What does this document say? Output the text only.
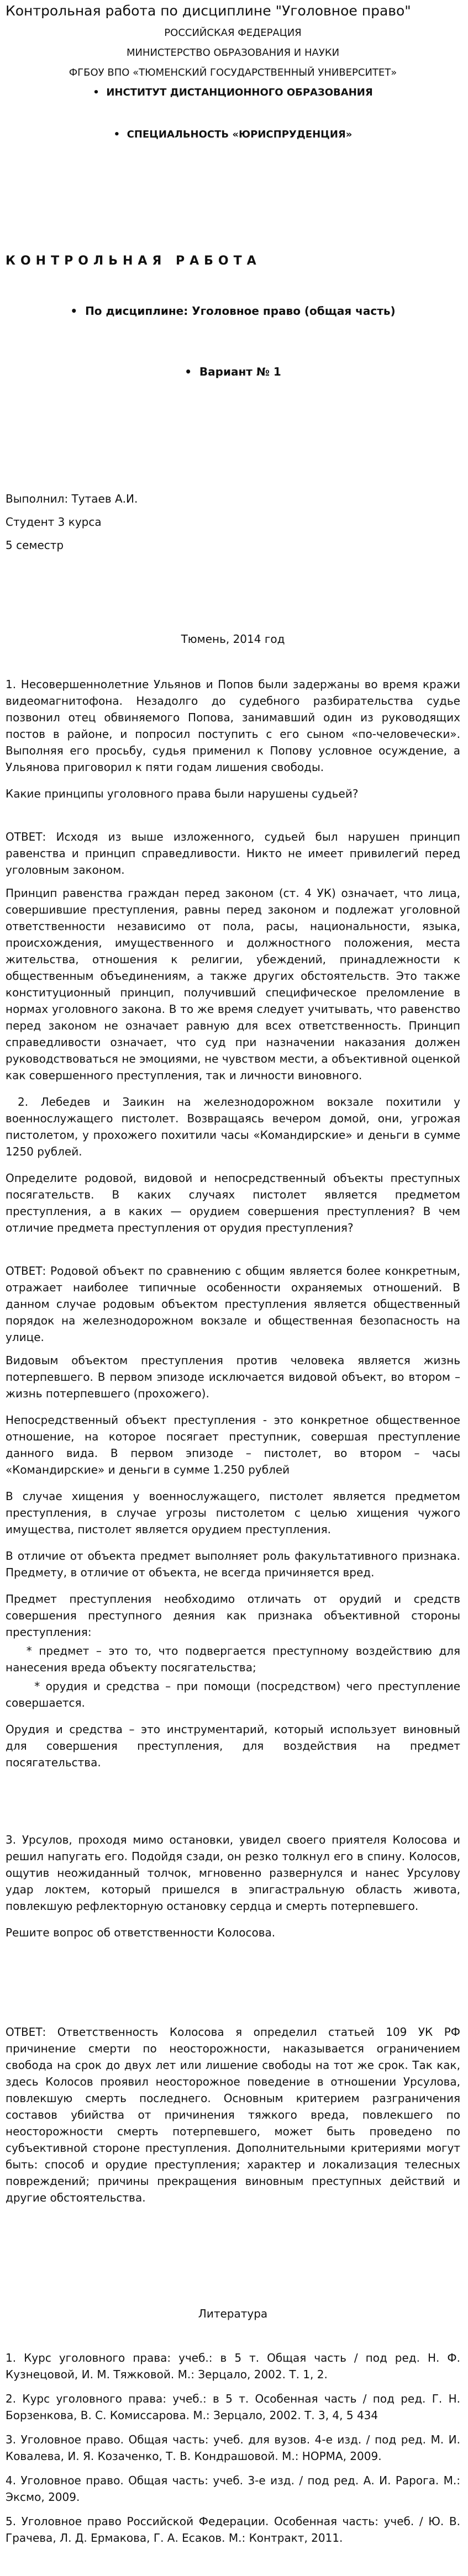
Контрольная работа по дисциплине "Уголовное право"
РОССИЙСКАЯ ФЕДЕРАЦИЯ
МИНИСТЕРСТВО ОБРАЗОВАНИЯ И НАУКИ
ФГБОУ ВПО «ТЮМЕНСКИЙ ГОСУДАРСТВЕННЫЙ УНИВЕРСИТЕТ»
•  ИНСТИТУТ ДИСТАНЦИОННОГО ОБРАЗОВАНИЯ
•  СПЕЦИАЛЬНОСТЬ «ЮРИСПРУДЕНЦИЯ»
КОНТРОЛЬНАЯ РАБОТА
•  По дисциплине: Уголовное право (общая часть)
•  Вариант № 1
Выполнил: Тутаев А.И.
Студент 3 курса
5 семестр
Тюмень, 2014 год
1. Несовершеннолетние Ульянов и Попов были задержаны во время кражи видеомагнитофона. Незадолго до судебного разбирательства судье позвонил отец обвиняемого Попова, занимавший один из руководящих постов в районе, и попросил поступить с его сыном «по-человечески». Выполняя его просьбу, судья применил к Попову условное осуждение, а Ульянова приговорил к пяти годам лишения свободы.
Какие принципы уголовного права были нарушены судьей?
ОТВЕТ: Исходя из выше изложенного, судьей был нарушен принцип равенства и принцип справедливости. Никто не имеет привилегий перед уголовным законом.
Принцип равенства граждан перед законом (ст. 4 УК) означает, что лица, совершившие преступления, равны перед законом и подлежат уголовной ответственности независимо от пола, расы, национальности, языка, происхождения, имущественного и должностного положения, места жительства, отношения к религии, убеждений, принадлежности к общественным объединениям, а также других обстоятельств. Это также конституционный принцип, получивший специфическое преломление в нормах уголовного закона. В то же время следует учитывать, что равенство перед законом не означает равную для всех ответственность. Принцип справедливости означает, что суд при назначении наказания должен руководствоваться не эмоциями, не чувством мести, а объективной оценкой как совершенного преступления, так и личности виновного.
2. Лебедев и Заикин на железнодорожном вокзале похитили у военнослужащего пистолет. Возвращаясь вечером домой, они, угрожая пистолетом, у прохожего похитили часы «Командирские» и деньги в сумме 1250 рублей.
Определите родовой, видовой и непосредственный объекты преступных посягательств. В каких случаях пистолет является предметом преступления, а в каких — орудием совершения преступления? В чем отличие предмета преступления от орудия преступления?
ОТВЕТ: Родовой объект по сравнению с общим является более конкретным, отражает наиболее типичные особенности охраняемых отношений. В данном случае родовым объектом преступления является общественный порядок на железнодорожном вокзале и общественная безопасность на улице.
Видовым объектом преступления против человека является жизнь потерпевшего. В первом эпизоде исключается видовой объект, во втором – жизнь потерпевшего (прохожего).
Непосредственный объект преступления - это конкретное общественное отношение, на которое посягает преступник, совершая преступление данного вида. В первом эпизоде – пистолет, во втором – часы «Командирские» и деньги в сумме 1.250 рублей
В случае хищения у военнослужащего, пистолет является предметом преступления, в случае угрозы пистолетом с целью хищения чужого имущества, пистолет является орудием преступления.
В отличие от объекта предмет выполняет роль факультативного признака. Предмету, в отличие от объекта, не всегда причиняется вред.
Предмет преступления необходимо отличать от орудий и средств совершения преступного деяния как признака объективной стороны преступления:
* предмет – это то, что подвергается преступному воздействию для нанесения вреда объекту посягательства;
* орудия и средства – при помощи (посредством) чего преступление совершается.
Орудия и средства – это инструментарий, который использует виновный для совершения преступления, для воздействия на предмет посягательства.
3. Урсулов, проходя мимо остановки, увидел своего приятеля Колосова и решил напугать его. Подойдя сзади, он резко толкнул его в спину. Колосов, ощутив неожиданный толчок, мгновенно развернулся и нанес Урсулову удар локтем, который пришелся в эпигастральную область живота, повлекшую рефлекторную остановку сердца и смерть потерпевшего.
Решите вопрос об ответственности Колосова.
ОТВЕТ: Ответственность Колосова я определил статьей 109 УК РФ причинение смерти по неосторожности, наказывается ограничением свобода на срок до двух лет или лишение свободы на тот же срок. Так как, здесь Колосов проявил неосторожное поведение в отношении Урсулова, повлекшую смерть последнего. Основным критерием разграничения составов убийства от причинения тяжкого вреда, повлекшего по неосторожности смерть потерпевшего, может быть проведено по субъективной стороне преступления. Дополнительными критериями могут быть: способ и орудие преступления; характер и локализация телесных повреждений; причины прекращения виновным преступных действий и другие обстоятельства.
Литература
1. Курс уголовного права: учеб.: в 5 т. Общая часть / под ред. Н. Ф. Кузнецовой, И. М. Тяжковой. М.: Зерцало, 2002. Т. 1, 2.
2. Курс уголовного права: учеб.: в 5 т. Особенная часть / под ред. Г. Н. Борзенкова, В. С. Комиссарова. М.: Зерцало, 2002. Т. 3, 4, 5 434
3. Уголовное право. Общая часть: учеб. для вузов. 4-е изд. / под ред. М. И. Ковалева, И. Я. Козаченко, Т. В. Кондрашовой. М.: НОРМА, 2009.
4. Уголовное право. Общая часть: учеб. 3-е изд. / под ред. А. И. Рарога. М.: Эксмо, 2009.
5. Уголовное право Российской Федерации. Особенная часть: учеб. / Ю. В. Грачева, Л. Д. Ермакова, Г. А. Есаков. М.: Контракт, 2011.
